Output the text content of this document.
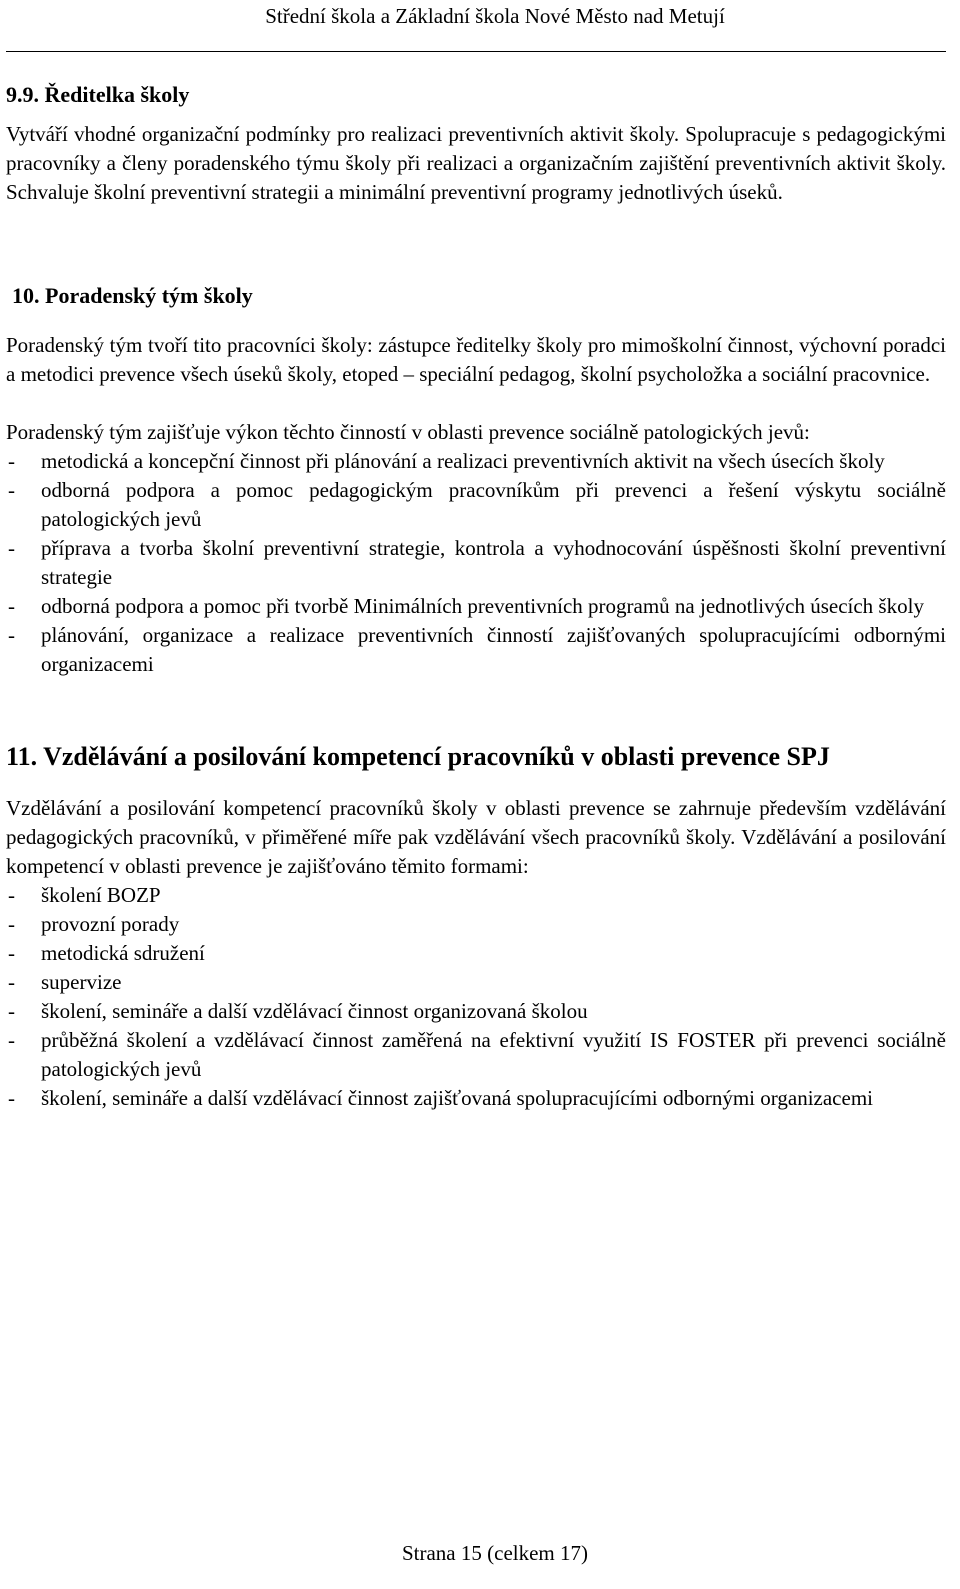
Střední škola a Základní škola Nové Město nad Metují
9.9. Ředitelka školy

Vytváří vhodné organizační podmínky pro realizaci preventivních aktivit školy. Spolupracuje s pedagogickými pracovníky a členy poradenského týmu školy při realizaci a organizačním zajištění preventivních aktivit školy. Schvaluje školní preventivní strategii a minimální preventivní programy jednotlivých úseků.

10. Poradenský tým školy

Poradenský tým tvoří tito pracovníci školy: zástupce ředitelky školy pro mimoškolní činnost, výchovní poradci a metodici prevence všech úseků školy, etoped – speciální pedagog, školní psycholožka a sociální pracovnice.

Poradenský tým zajišťuje výkon těchto činností v oblasti prevence sociálně patologických jevů:

- metodická a koncepční činnost při plánování a realizaci preventivních aktivit na všech úsecích školy
- odborná podpora a pomoc pedagogickým pracovníkům při prevenci a řešení výskytu sociálně patologických jevů
- příprava a tvorba školní preventivní strategie, kontrola a vyhodnocování úspěšnosti školní preventivní strategie
- odborná podpora a pomoc při tvorbě Minimálních preventivních programů na jednotlivých úsecích školy
- plánování, organizace a realizace preventivních činností zajišťovaných spolupracujícími odbornými organizacemi
11. Vzdělávání a posilování kompetencí pracovníků v oblasti prevence SPJ

Vzdělávání a posilování kompetencí pracovníků školy v oblasti prevence se zahrnuje především vzdělávání pedagogických pracovníků, v přiměřené míře pak vzdělávání všech pracovníků školy. Vzdělávání a posilování kompetencí v oblasti prevence je zajišťováno těmito formami:

- školení BOZP
- provozní porady
- metodická sdružení
- supervize
- školení, semináře a další vzdělávací činnost organizovaná školou
- průběžná školení a vzdělávací činnost zaměřená na efektivní využití IS FOSTER při prevenci sociálně patologických jevů
- školení, semináře a další vzdělávací činnost zajišťovaná spolupracujícími odbornými organizacemi
Strana 15 (celkem 17)
